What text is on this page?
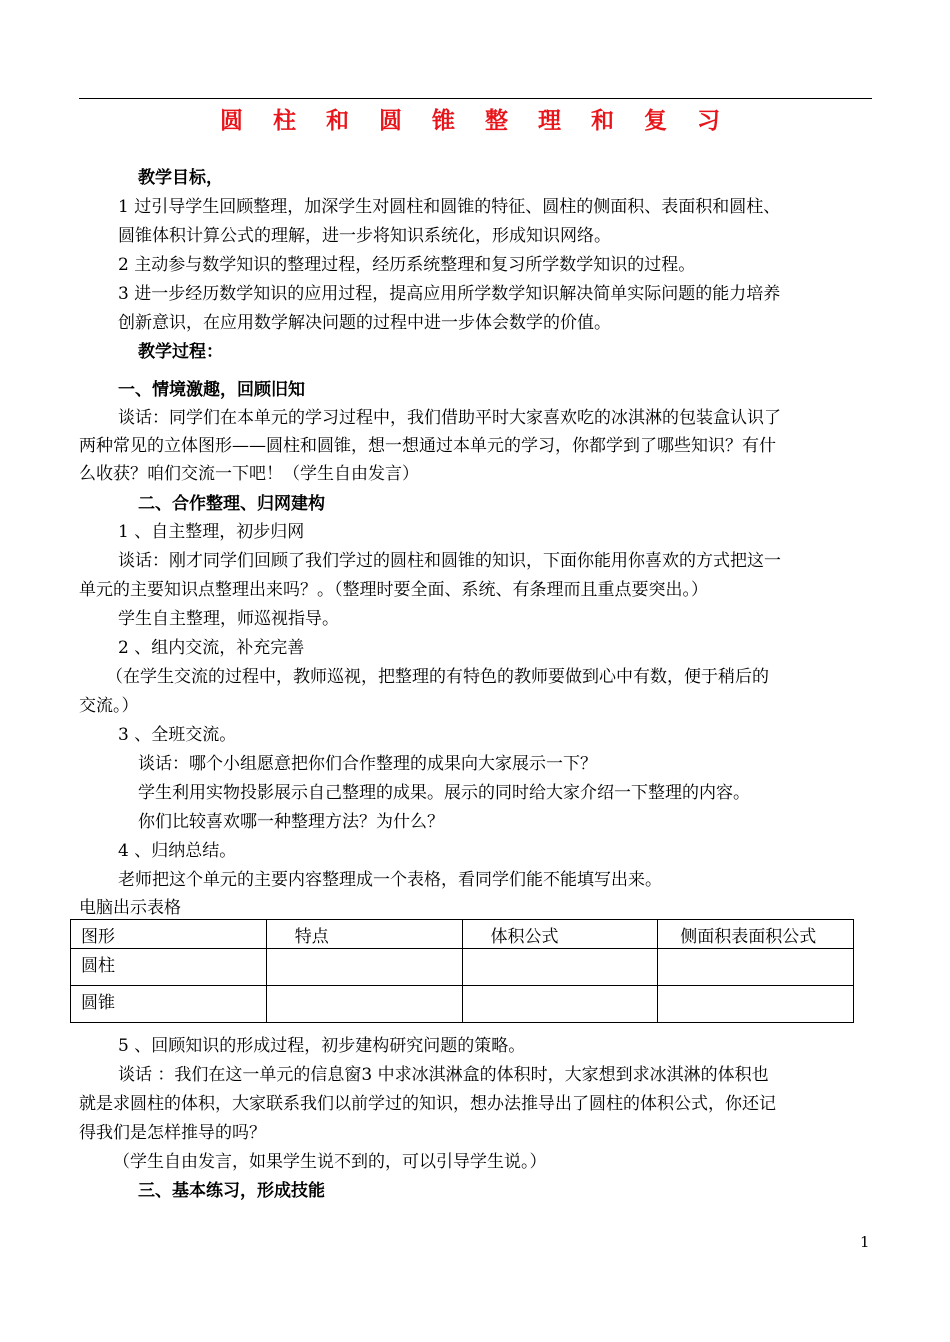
圆 柱 和 圆 锥 整 理 和 复 习
教学目标，
1 过引导学生回顾整理，加深学生对圆柱和圆锥的特征、圆柱的侧面积、表面积和圆柱、
圆锥体积计算公式的理解，进一步将知识系统化，形成知识网络。
2 主动参与数学知识的整理过程，经历系统整理和复习所学数学知识的过程。
3 进一步经历数学知识的应用过程，提高应用所学数学知识解决简单实际问题的能力培养
创新意识，在应用数学解决问题的过程中进一步体会数学的价值。
教学过程：
一、情境激趣，回顾旧知
谈话：同学们在本单元的学习过程中，我们借助平时大家喜欢吃的冰淇淋的包装盒认识了
两种常见的立体图形——圆柱和圆锥，想一想通过本单元的学习，你都学到了哪些知识？有什
么收获？咱们交流一下吧！（学生自由发言）
二、合作整理、归网建构
1 、自主整理，初步归网
谈话：刚才同学们回顾了我们学过的圆柱和圆锥的知识，下面你能用你喜欢的方式把这一
单元的主要知识点整理出来吗？。（整理时要全面、系统、有条理而且重点要突出。）
学生自主整理，师巡视指导。
2 、组内交流，补充完善
（在学生交流的过程中，教师巡视，把整理的有特色的教师要做到心中有数，便于稍后的
交流。）
3 、全班交流。
谈话：哪个小组愿意把你们合作整理的成果向大家展示一下？
学生利用实物投影展示自己整理的成果。展示的同时给大家介绍一下整理的内容。
你们比较喜欢哪一种整理方法？为什么？
4 、归纳总结。
老师把这个单元的主要内容整理成一个表格，看同学们能不能填写出来。
电脑出示表格
图形	特点	体积公式	侧面积表面积公式
圆柱			
圆锥			
5 、回顾知识的形成过程，初步建构研究问题的策略。
谈话 ：我们在这一单元的信息窗3 中求冰淇淋盒的体积时，大家想到求冰淇淋的体积也
就是求圆柱的体积，大家联系我们以前学过的知识，想办法推导出了圆柱的体积公式，你还记
得我们是怎样推导的吗？
（学生自由发言，如果学生说不到的，可以引导学生说。）
三、基本练习，形成技能
1
